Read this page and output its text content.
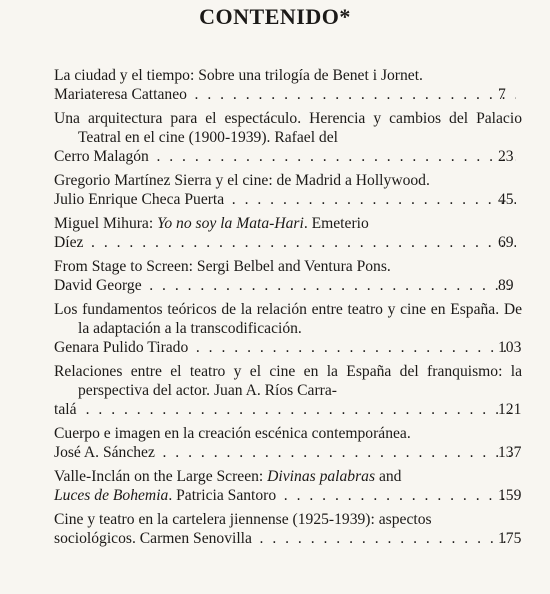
CONTENIDO*
La ciudad y el tiempo: Sobre una trilogía de Benet i Jornet.
Mariateresa Cattaneo . . .	7
Una arquitectura para el espectáculo. Herencia y cambios del Palacio Teatral en el cine (1900-1939). Rafael del
Cerro Malagón . . .	23
Gregorio Martínez Sierra y el cine: de Madrid a Hollywood.
Julio Enrique Checa Puerta . . .	45
Miguel Mihura: Yo no soy la Mata-Hari. Emeterio
Díez . . .	69
From Stage to Screen: Sergi Belbel and Ventura Pons.
David George . . .	89
Los fundamentos teóricos de la relación entre teatro y cine en España. De la adaptación a la transcodificación.
Genara Pulido Tirado . . .	103
Relaciones entre el teatro y el cine en la España del franquismo: la perspectiva del actor. Juan A. Ríos Carra-
talá . . .	121
Cuerpo e imagen en la creación escénica contemporánea.
José A. Sánchez . . .	137
Valle-Inclán on the Large Screen: Divinas palabras and
Luces de Bohemia. Patricia Santoro . . .	159
Cine y teatro en la cartelera jiennense (1925-1939): aspectos
sociológicos. Carmen Senovilla . . .	175
